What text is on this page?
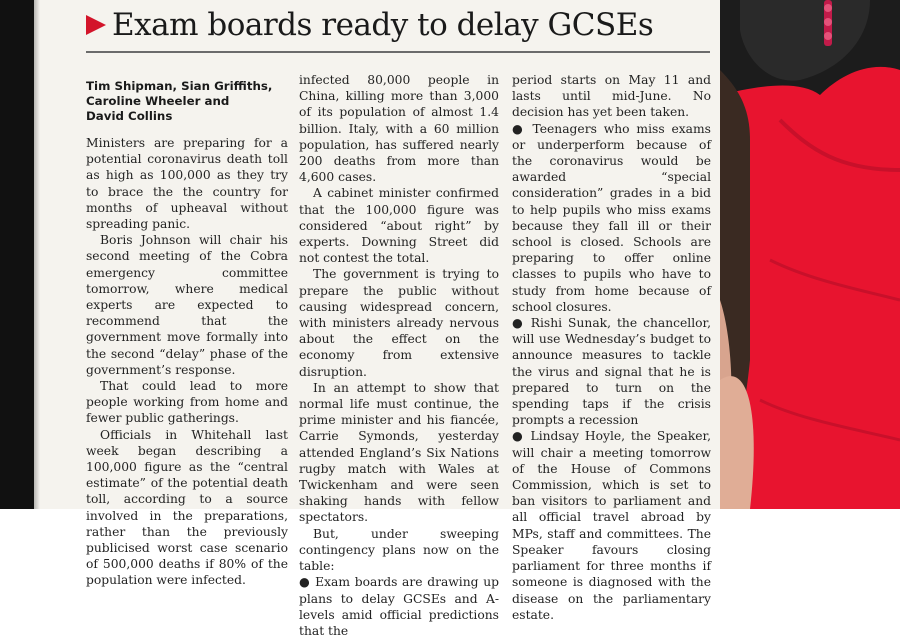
Exam boards ready to delay GCSEs
Tim Shipman, Sian Griffiths,
Caroline Wheeler and
David Collins

Ministers are preparing for a potential coronavirus death toll as high as 100,000 as they try to brace the the country for months of upheaval without spreading panic.

Boris Johnson will chair his second meeting of the Cobra emergency committee tomorrow, where medical experts are expected to recommend that the government move formally into the second “delay” phase of the government’s response.

That could lead to more people working from home and fewer public gatherings.

Officials in Whitehall last week began describing a 100,000 figure as the “central estimate” of the potential death toll, according to a source involved in the preparations, rather than the previously publicised worst case scenario of 500,000 deaths if 80% of the population were infected.

infected 80,000 people in China, killing more than 3,000 of its population of almost 1.4 billion. Italy, with a 60 million population, has suffered nearly 200 deaths from more than 4,600 cases.

A cabinet minister confirmed that the 100,000 figure was considered “about right” by experts. Downing Street did not contest the total.

The government is trying to prepare the public without causing widespread concern, with ministers already nervous about the effect on the economy from extensive disruption.

In an attempt to show that normal life must continue, the prime minister and his fiancée, Carrie Symonds, yesterday attended England’s Six Nations rugby match with Wales at Twickenham and were seen shaking hands with fellow spectators.

But, under sweeping contingency plans now on the table:

● Exam boards are drawing up plans to delay GCSEs and A-levels amid official predictions that the

period starts on May 11 and lasts until mid-June. No decision has yet been taken.

● Teenagers who miss exams or underperform because of the coronavirus would be awarded “special consideration” grades in a bid to help pupils who miss exams because they fall ill or their school is closed. Schools are preparing to offer online classes to pupils who have to study from home because of school closures.

● Rishi Sunak, the chancellor, will use Wednesday’s budget to announce measures to tackle the virus and signal that he is prepared to turn on the spending taps if the crisis prompts a recession

● Lindsay Hoyle, the Speaker, will chair a meeting tomorrow of the House of Commons Commission, which is set to ban visitors to parliament and all official travel abroad by MPs, staff and committees. The Speaker favours closing parliament for three months if someone is diagnosed with the disease on the parliamentary estate.
